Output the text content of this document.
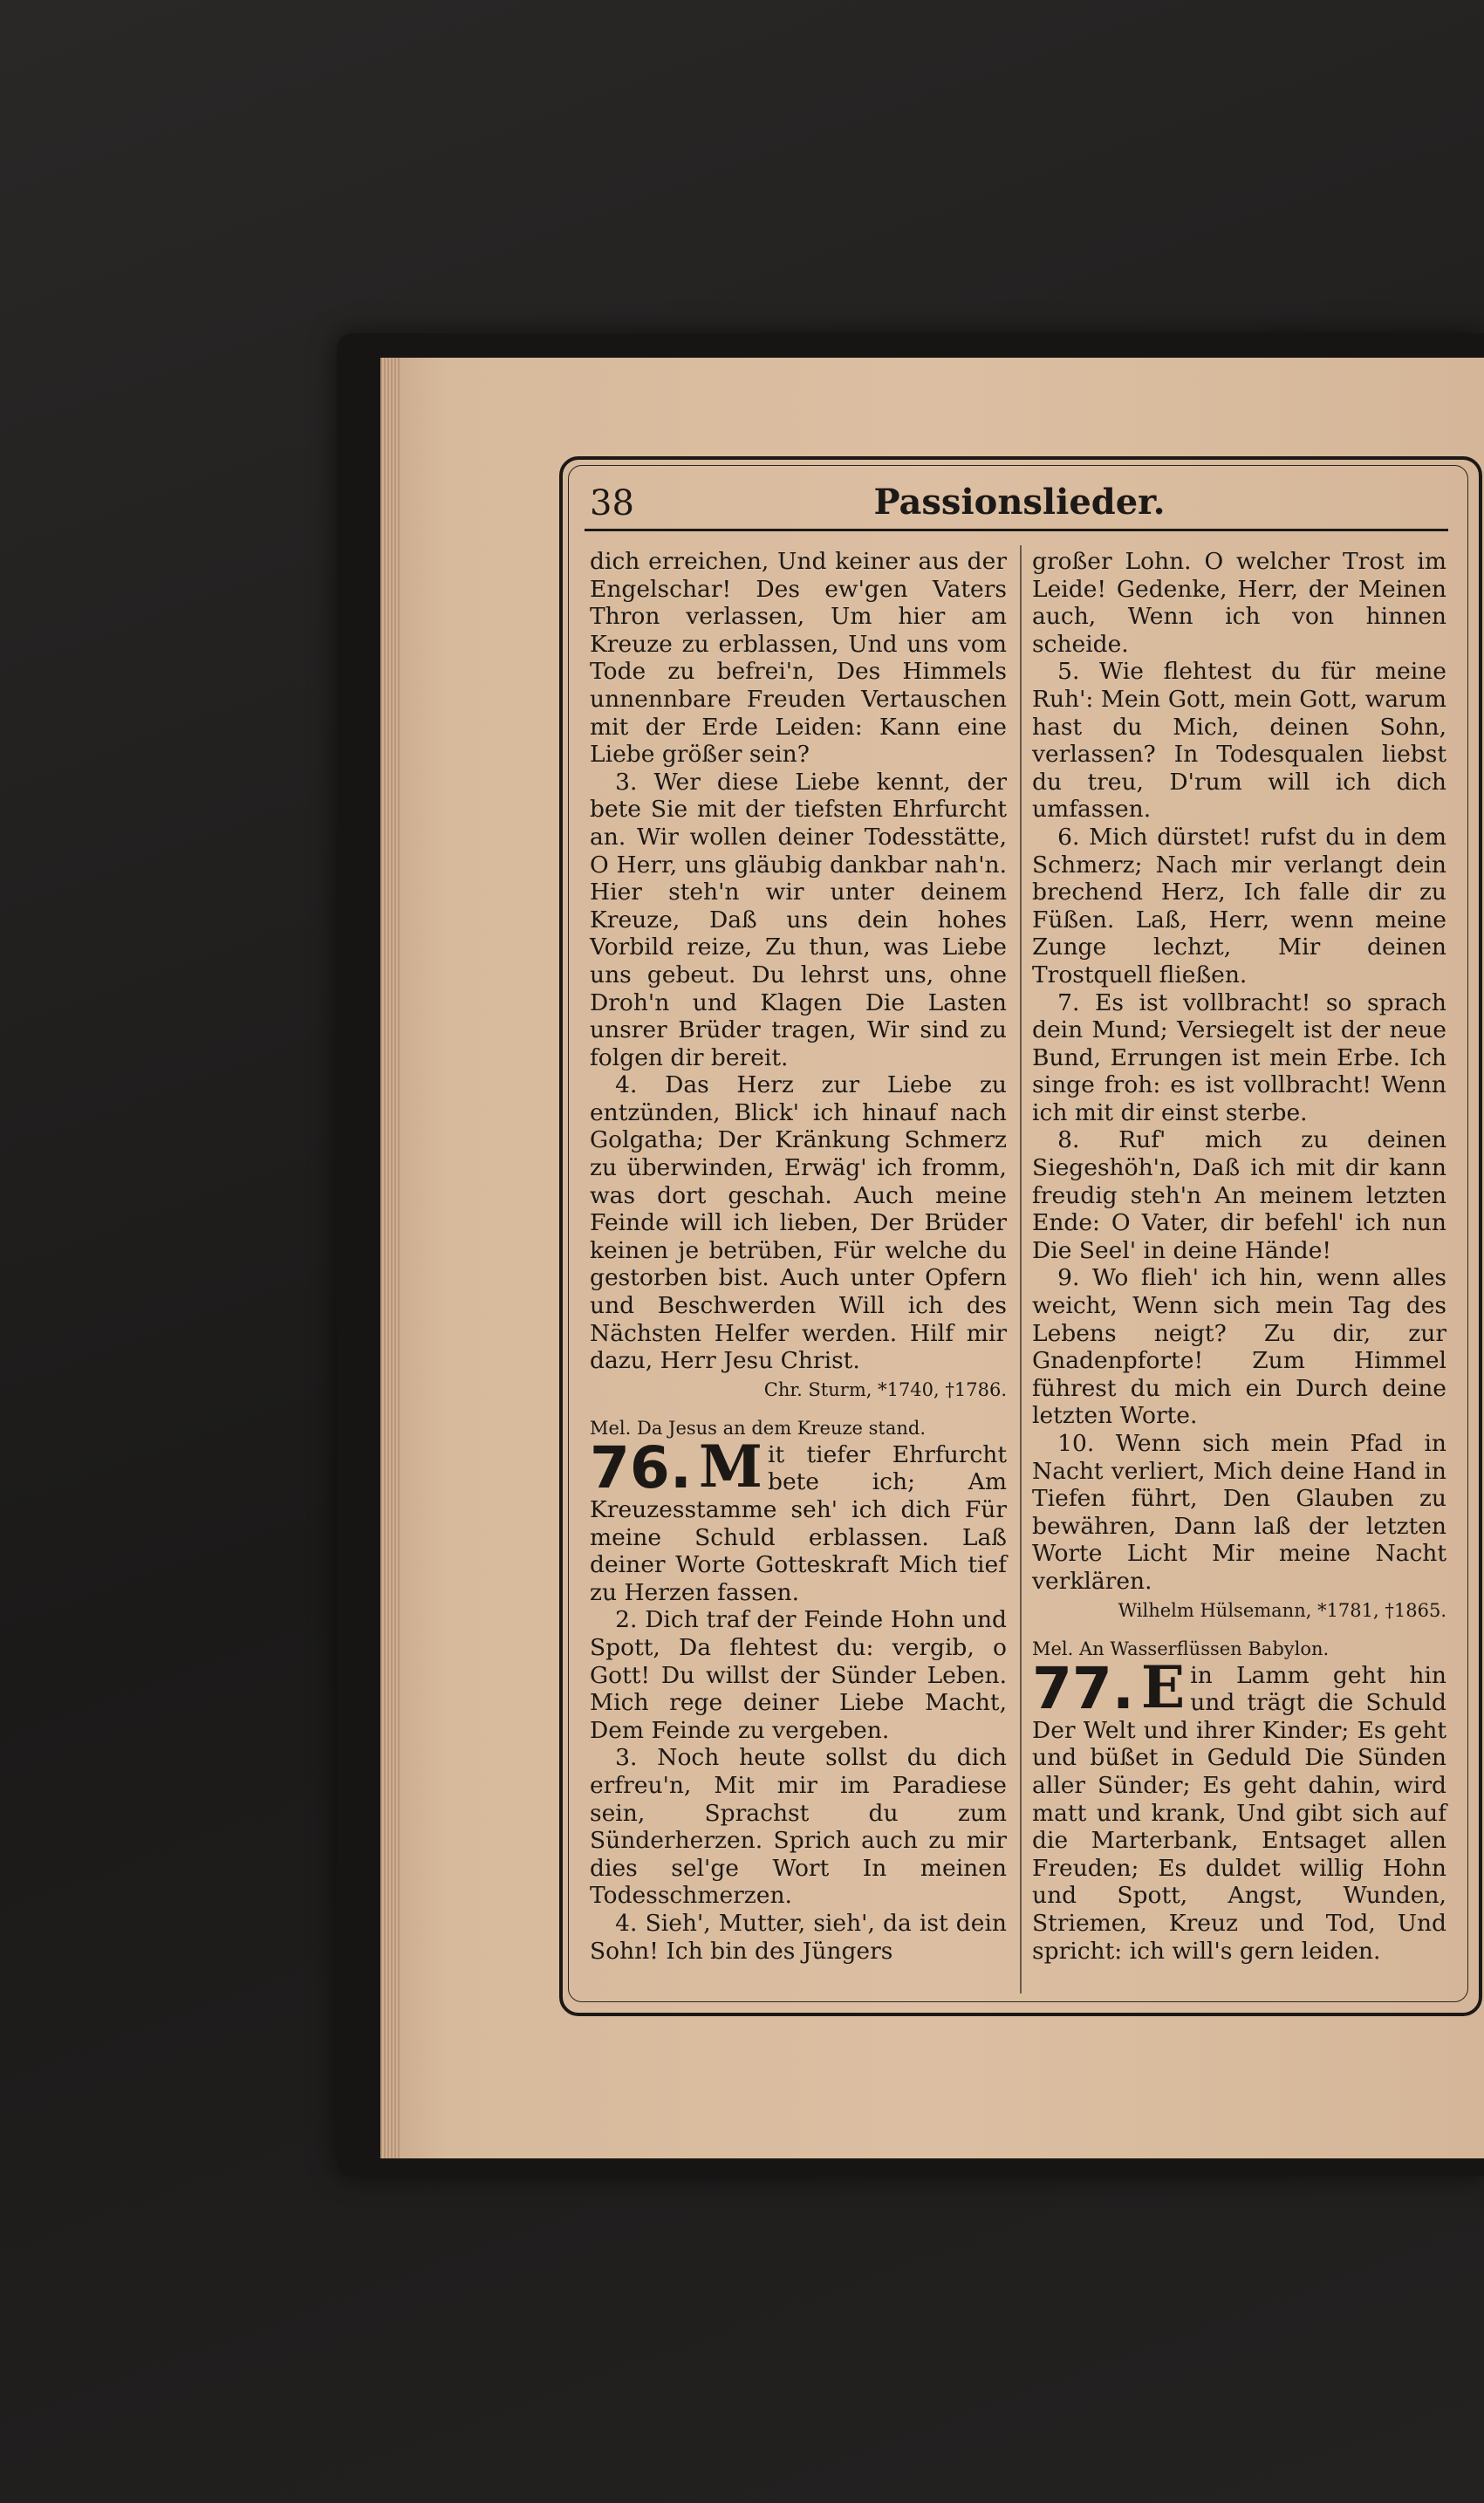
38	Passionslieder.

dich erreichen, Und keiner aus der Engelschar! Des ew'gen Vaters Thron verlassen, Um hier am Kreuze zu erblassen, Und uns vom Tode zu befrei'n, Des Himmels unnennbare Freuden Vertauschen mit der Erde Leiden: Kann eine Liebe größer sein?

3. Wer diese Liebe kennt, der bete Sie mit der tiefsten Ehrfurcht an. Wir wollen deiner Todesstätte, O Herr, uns gläubig dankbar nah'n. Hier steh'n wir unter deinem Kreuze, Daß uns dein hohes Vorbild reize, Zu thun, was Liebe uns gebeut. Du lehrst uns, ohne Droh'n und Klagen Die Lasten unsrer Brüder tragen, Wir sind zu folgen dir bereit.

4. Das Herz zur Liebe zu entzünden, Blick' ich hinauf nach Golgatha; Der Kränkung Schmerz zu überwinden, Erwäg' ich fromm, was dort geschah. Auch meine Feinde will ich lieben, Der Brüder keinen je betrüben, Für welche du gestorben bist. Auch unter Opfern und Beschwerden Will ich des Nächsten Helfer werden. Hilf mir dazu, Herr Jesu Christ.

Chr. Sturm, *1740, †1786.

Mel. Da Jesus an dem Kreuze stand.

76. M it tiefer Ehrfurcht bete ich; Am Kreuzesstamme seh' ich dich Für meine Schuld erblassen. Laß deiner Worte Gotteskraft Mich tief zu Herzen fassen.

2. Dich traf der Feinde Hohn und Spott, Da flehtest du: vergib, o Gott! Du willst der Sünder Leben. Mich rege deiner Liebe Macht, Dem Feinde zu vergeben.

3. Noch heute sollst du dich erfreu'n, Mit mir im Paradiese sein, Sprachst du zum Sünderherzen. Sprich auch zu mir dies sel'ge Wort In meinen Todesschmerzen.

4. Sieh', Mutter, sieh', da ist dein Sohn! Ich bin des Jüngers

großer Lohn. O welcher Trost im Leide! Gedenke, Herr, der Meinen auch, Wenn ich von hinnen scheide.

5. Wie flehtest du für meine Ruh': Mein Gott, mein Gott, warum hast du Mich, deinen Sohn, verlassen? In Todesqualen liebst du treu, D'rum will ich dich umfassen.

6. Mich dürstet! rufst du in dem Schmerz; Nach mir verlangt dein brechend Herz, Ich falle dir zu Füßen. Laß, Herr, wenn meine Zunge lechzt, Mir deinen Trostquell fließen.

7. Es ist vollbracht! so sprach dein Mund; Versiegelt ist der neue Bund, Errungen ist mein Erbe. Ich singe froh: es ist vollbracht! Wenn ich mit dir einst sterbe.

8. Ruf' mich zu deinen Siegeshöh'n, Daß ich mit dir kann freudig steh'n An meinem letzten Ende: O Vater, dir befehl' ich nun Die Seel' in deine Hände!

9. Wo flieh' ich hin, wenn alles weicht, Wenn sich mein Tag des Lebens neigt? Zu dir, zur Gnadenpforte! Zum Himmel führest du mich ein Durch deine letzten Worte.

10. Wenn sich mein Pfad in Nacht verliert, Mich deine Hand in Tiefen führt, Den Glauben zu bewähren, Dann laß der letzten Worte Licht Mir meine Nacht verklären.

Wilhelm Hülsemann, *1781, †1865.

Mel. An Wasserflüssen Babylon.

77. E in Lamm geht hin und trägt die Schuld Der Welt und ihrer Kinder; Es geht und büßet in Geduld Die Sünden aller Sünder; Es geht dahin, wird matt und krank, Und gibt sich auf die Marterbank, Entsaget allen Freuden; Es duldet willig Hohn und Spott, Angst, Wunden, Striemen, Kreuz und Tod, Und spricht: ich will's gern leiden.
